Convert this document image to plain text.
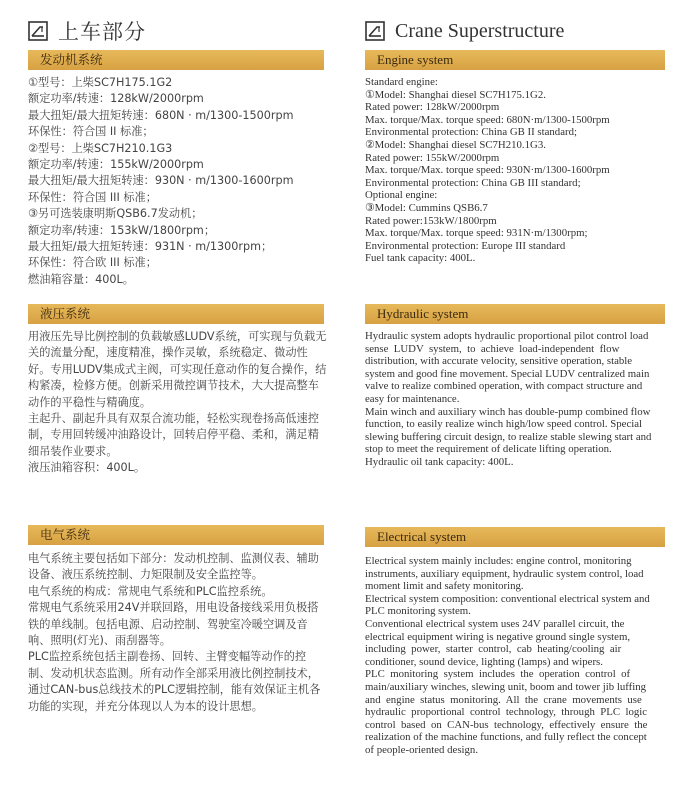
上车部分
发动机系统
①型号：上柴SC7H175.1G2
额定功率/转速：128kW/2000rpm
最大扭矩/最大扭矩转速：680N · m/1300-1500rpm
环保性：符合国 II 标准；
②型号：上柴SC7H210.1G3
额定功率/转速：155kW/2000rpm
最大扭矩/最大扭矩转速：930N · m/1300-1600rpm
环保性：符合国 III 标准；
③另可选装康明斯QSB6.7发动机；
额定功率/转速：153kW/1800rpm；
最大扭矩/最大扭矩转速：931N · m/1300rpm；
环保性：符合欧 III 标准；
燃油箱容量：400L。
液压系统
用液压先导比例控制的负载敏感LUDV系统，可实现与负载无
关的流量分配，速度精准，操作灵敏，系统稳定、微动性
好。专用LUDV集成式主阀，可实现任意动作的复合操作，结
构紧凑，检修方便。创新采用微控调节技术，大大提高整车
动作的平稳性与精确度。
主起升、副起升具有双泵合流功能，轻松实现卷扬高低速控
制，专用回转缓冲油路设计，回转启停平稳、柔和，满足精
细吊装作业要求。
液压油箱容积：400L。
电气系统
电气系统主要包括如下部分：发动机控制、监测仪表、辅助
设备、液压系统控制、力矩限制及安全监控等。
电气系统的构成：常规电气系统和PLC监控系统。
常规电气系统采用24V并联回路，用电设备接线采用负极搭
铁的单线制。包括电源、启动控制、驾驶室冷暖空调及音
响、照明(灯光)、雨刮器等。
PLC监控系统包括主副卷扬、回转、主臂变幅等动作的控
制、发动机状态监测。所有动作全部采用液比例控制技术，
通过CAN-bus总线技术的PLC逻辑控制，能有效保证主机各
功能的实现，并充分体现以人为本的设计思想。
Crane Superstructure
Engine system
Standard engine:
①Model: Shanghai diesel SC7H175.1G2.
Rated power: 128kW/2000rpm
Max. torque/Max. torque speed: 680N·m/1300-1500rpm
Environmental protection: China GB II standard;
②Model: Shanghai diesel SC7H210.1G3.
Rated power: 155kW/2000rpm
Max. torque/Max. torque speed: 930N·m/1300-1600rpm
Environmental protection: China GB III standard;
Optional engine:
③Model: Cummins QSB6.7
Rated power:153kW/1800rpm
Max. torque/Max. torque speed: 931N·m/1300rpm;
Environmental protection: Europe III standard
Fuel tank capacity: 400L.
Hydraulic system
Hydraulic system adopts hydraulic proportional pilot control load
sense  LUDV  system,  to  achieve  load-independent  flow
distribution, with accurate velocity, sensitive operation, stable
system and good fine movement. Special LUDV centralized main
valve to realize combined operation, with compact structure and
easy for maintenance.
Main winch and auxiliary winch has double-pump combined flow
function, to easily realize winch high/low speed control. Special
slewing buffering circuit design, to realize stable slewing start and
stop to meet the requirement of delicate lifting operation.
Hydraulic oil tank capacity: 400L.
Electrical system
Electrical system mainly includes: engine control, monitoring
instruments, auxiliary equipment, hydraulic system control, load
moment limit and safety monitoring.
Electrical system composition: conventional electrical system and
PLC monitoring system.
Conventional electrical system uses 24V parallel circuit, the
electrical equipment wiring is negative ground single system,
including  power,  starter  control,  cab  heating/cooling  air
conditioner, sound device, lighting (lamps) and wipers.
PLC  monitoring  system  includes  the  operation  control  of
main/auxiliary winches, slewing unit, boom and tower jib luffing
and  engine  status  monitoring.  All  the  crane  movements  use
hydraulic  proportional  control  technology,  through  PLC  logic
control  based  on  CAN-bus  technology,  effectively  ensure  the
realization of the machine functions, and fully reflect the concept
of people-oriented design.
